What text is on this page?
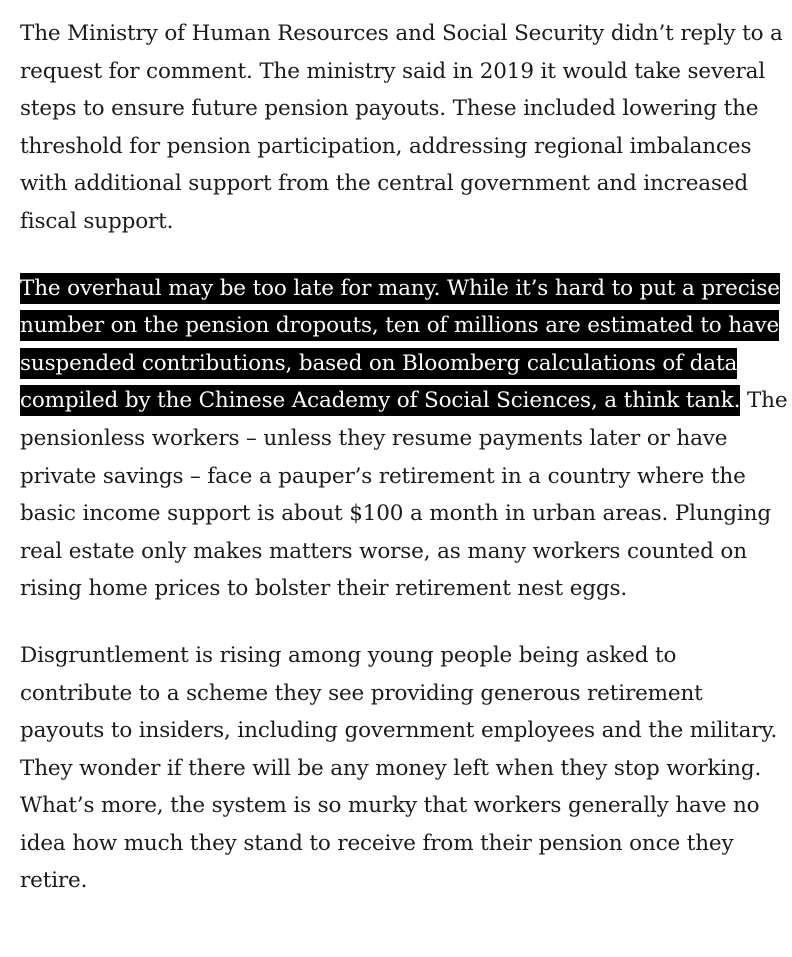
The Ministry of Human Resources and Social Security didn’t reply to a request for comment. The ministry said in 2019 it would take several steps to ensure future pension payouts. These included lowering the threshold for pension participation, addressing regional imbalances with additional support from the central government and increased fiscal support.

The overhaul may be too late for many. While it’s hard to put a precise number on the pension dropouts, ten of millions are estimated to have suspended contributions, based on Bloomberg calculations of data compiled by the Chinese Academy of Social Sciences, a think tank. The pensionless workers – unless they resume payments later or have private savings – face a pauper’s retirement in a country where the basic income support is about $100 a month in urban areas. Plunging real estate only makes matters worse, as many workers counted on rising home prices to bolster their retirement nest eggs.

Disgruntlement is rising among young people being asked to contribute to a scheme they see providing generous retirement payouts to insiders, including government employees and the military. They wonder if there will be any money left when they stop working. What’s more, the system is so murky that workers generally have no idea how much they stand to receive from their pension once they retire.
